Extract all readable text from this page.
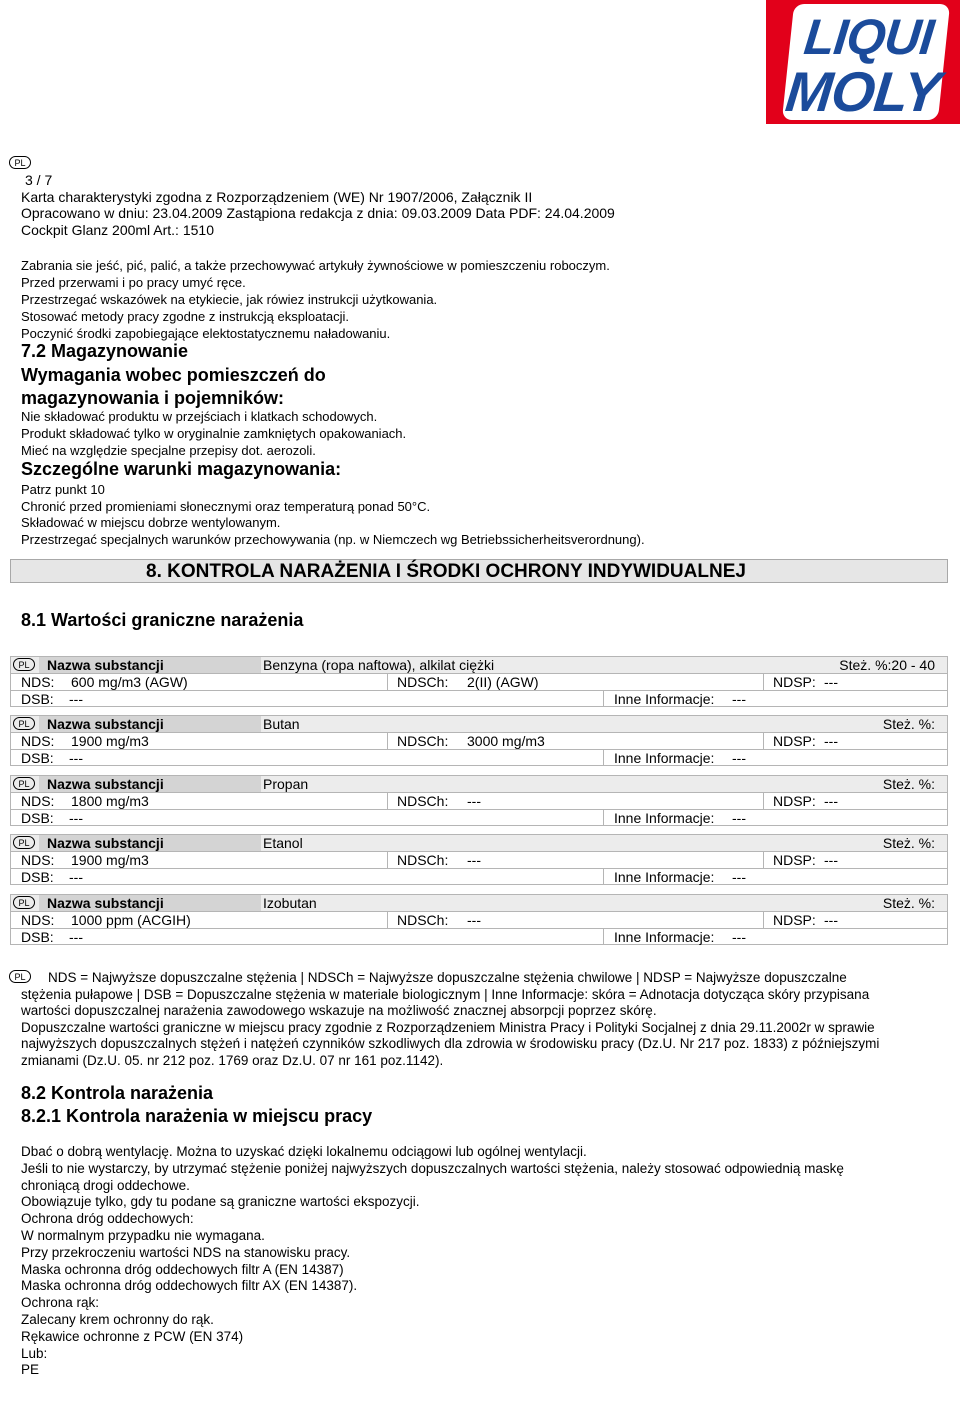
LIQUI
MOLY
PL
3 / 7
Karta charakterystyki zgodna z Rozporządzeniem (WE) Nr 1907/2006, Załącznik II
Opracowano w dniu: 23.04.2009 Zastąpiona redakcja z dnia: 09.03.2009 Data PDF: 24.04.2009
Cockpit Glanz 200ml Art.: 1510
Zabrania sie jeść, pić, palić, a także przechowywać artykuły żywnościowe w pomieszczeniu roboczym.
Przed przerwami i po pracy umyć ręce.
Przestrzegać wskazówek na etykiecie, jak rówiez instrukcji użytkowania.
Stosować metody pracy zgodne z instrukcją eksploatacji.
Poczynić środki zapobiegające elektostatycznemu naładowaniu.
7.2 Magazynowanie
Wymagania wobec pomieszczeń do
magazynowania i pojemników:
Nie składować produktu w przejściach i klatkach schodowych.
Produkt składować tylko w oryginalnie zamkniętych opakowaniach.
Mieć na względzie specjalne przepisy dot. aerozoli.
Szczególne warunki magazynowania:
Patrz punkt 10
Chronić przed promieniami słonecznymi oraz temperaturą ponad 50°C.
Składować w miejscu dobrze wentylowanym.
Przestrzegać specjalnych warunków przechowywania (np. w Niemczech wg Betriebssicherheitsverordnung).
8. KONTROLA NARAŻENIA I ŚRODKI OCHRONY INDYWIDUALNEJ
8.1 Wartości graniczne narażenia
PL	Nazwa substancji	Benzyna (ropa naftowa), alkilat ciężki	Steż. %:20 - 40
NDS: 600 mg/m3 (AGW)	NDSCh: 2(II) (AGW)	NDSP: ---
DSB: ---	Inne Informacje: ---
PL	Nazwa substancji	Butan	Steż. %:
NDS: 1900 mg/m3	NDSCh: 3000 mg/m3	NDSP: ---
DSB: ---	Inne Informacje: ---
PL	Nazwa substancji	Propan	Steż. %:
NDS: 1800 mg/m3	NDSCh: ---	NDSP: ---
DSB: ---	Inne Informacje: ---
PL	Nazwa substancji	Etanol	Steż. %:
NDS: 1900 mg/m3	NDSCh: ---	NDSP: ---
DSB: ---	Inne Informacje: ---
PL	Nazwa substancji	Izobutan	Steż. %:
NDS: 1000 ppm (ACGIH)	NDSCh: ---	NDSP: ---
DSB: ---	Inne Informacje: ---
PL	NDS = Najwyższe dopuszczalne stężenia | NDSCh = Najwyższe dopuszczalne stężenia chwilowe | NDSP = Najwyższe dopuszczalne
stężenia pułapowe | DSB = Dopuszczalne stężenia w materiale biologicznym | Inne Informacje: skóra = Adnotacja dotycząca skóry przypisana
wartości dopuszczalnej narażenia zawodowego wskazuje na możliwość znacznej absorpcji poprzez skórę.
Dopuszczalne wartości graniczne w miejscu pracy zgodnie z Rozporządzeniem Ministra Pracy i Polityki Socjalnej z dnia 29.11.2002r w sprawie
najwyższych dopuszczalnych stężeń i natężeń czynników szkodliwych dla zdrowia w środowisku pracy (Dz.U. Nr 217 poz. 1833) z późniejszymi
zmianami (Dz.U. 05. nr 212 poz. 1769 oraz Dz.U. 07 nr 161 poz.1142).
8.2 Kontrola narażenia
8.2.1 Kontrola narażenia w miejscu pracy
Dbać o dobrą wentylację. Można to uzyskać dzięki lokalnemu odciągowi lub ogólnej wentylacji.
Jeśli to nie wystarczy, by utrzymać stężenie poniżej najwyższych dopuszczalnych wartości stężenia, należy stosować odpowiednią maskę
chroniącą drogi oddechowe.
Obowiązuje tylko, gdy tu podane są graniczne wartości ekspozycji.
Ochrona dróg oddechowych:
W normalnym przypadku nie wymagana.
Przy przekroczeniu wartości NDS na stanowisku pracy.
Maska ochronna dróg oddechowych filtr A (EN 14387)
Maska ochronna dróg oddechowych filtr AX (EN 14387).
Ochrona rąk:
Zalecany krem ochronny do rąk.
Rękawice ochronne z PCW (EN 374)
Lub:
PE
